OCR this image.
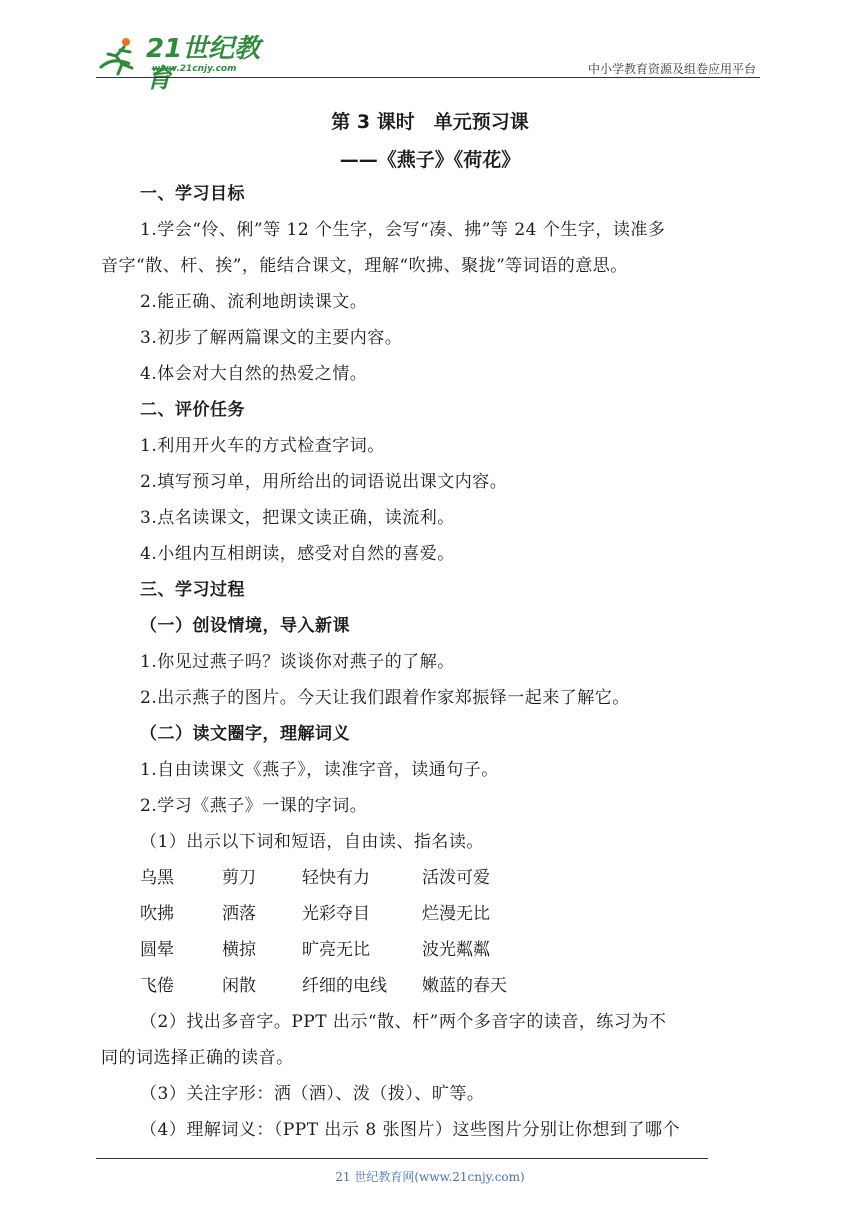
21世纪教育
www.21cnjy.com	中小学教育资源及组卷应用平台
第 3 课时　单元预习课
——《燕子》《荷花》
一、学习目标
1.学会“伶、俐”等 12 个生字，会写“凑、拂”等 24 个生字，读准多
音字“散、杆、挨”，能结合课文，理解“吹拂、聚拢”等词语的意思。
2.能正确、流利地朗读课文。
3.初步了解两篇课文的主要内容。
4.体会对大自然的热爱之情。
二、评价任务
1.利用开火车的方式检查字词。
2.填写预习单，用所给出的词语说出课文内容。
3.点名读课文，把课文读正确，读流利。
4.小组内互相朗读，感受对自然的喜爱。
三、学习过程
（一）创设情境，导入新课
1.你见过燕子吗？谈谈你对燕子的了解。
2.出示燕子的图片。今天让我们跟着作家郑振铎一起来了解它。
（二）读文圈字，理解词义
1.自由读课文《燕子》，读准字音，读通句子。
2.学习《燕子》一课的字词。
（1）出示以下词和短语，自由读、指名读。
乌黑	剪刀	轻快有力	活泼可爱
吹拂	洒落	光彩夺目	烂漫无比
圆晕	横掠	旷亮无比	波光粼粼
飞倦	闲散	纤细的电线 嫩蓝的春天
（2）找出多音字。PPT 出示“散、杆”两个多音字的读音，练习为不
同的词选择正确的读音。
（3）关注字形：洒（酒）、泼（拨）、旷等。
（4）理解词义：（PPT 出示 8 张图片）这些图片分别让你想到了哪个
21 世纪教育网(www.21cnjy.com)
